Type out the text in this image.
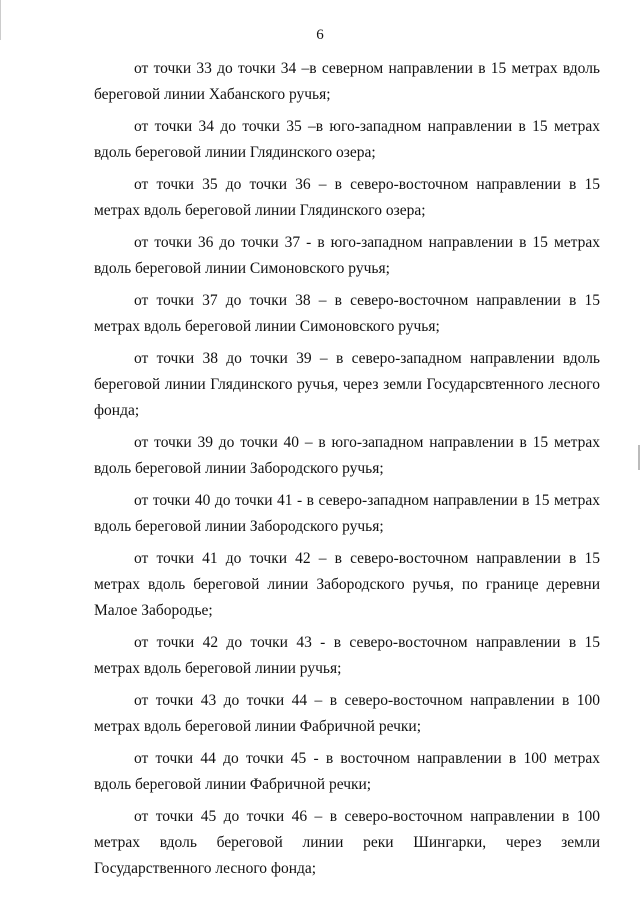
6

от точки 33 до точки 34 –в северном направлении в 15 метрах вдоль береговой линии Хабанского ручья;

от точки 34 до точки 35 –в юго-западном направлении в 15 метрах вдоль береговой линии Глядинского озера;

от точки 35 до точки 36 – в северо-восточном направлении в 15 метрах вдоль береговой линии Глядинского озера;

от точки 36 до точки 37 - в юго-западном направлении в 15 метрах вдоль береговой линии Симоновского ручья;

от точки 37 до точки 38 – в северо-восточном направлении в 15 метрах вдоль береговой линии Симоновского ручья;

от точки 38 до точки 39 – в северо-западном направлении вдоль береговой линии Глядинского ручья, через земли Государсвтенного лесного фонда;

от точки 39 до точки 40 – в юго-западном направлении в 15 метрах вдоль береговой линии Забородского ручья;

от точки 40 до точки 41 - в северо-западном направлении в 15 метрах вдоль береговой линии Забородского ручья;

от точки 41 до точки 42 – в северо-восточном направлении в 15 метрах вдоль береговой линии Забородского ручья, по границе деревни Малое Забородье;

от точки 42 до точки 43 - в северо-восточном направлении в 15 метрах вдоль береговой линии ручья;

от точки 43 до точки 44 – в северо-восточном направлении в 100 метрах вдоль береговой линии Фабричной речки;

от точки 44 до точки 45 - в восточном направлении в 100 метрах вдоль береговой линии Фабричной речки;

от точки 45 до точки 46 – в северо-восточном направлении в 100 метрах вдоль береговой линии реки Шингарки, через земли Государственного лесного фонда;
